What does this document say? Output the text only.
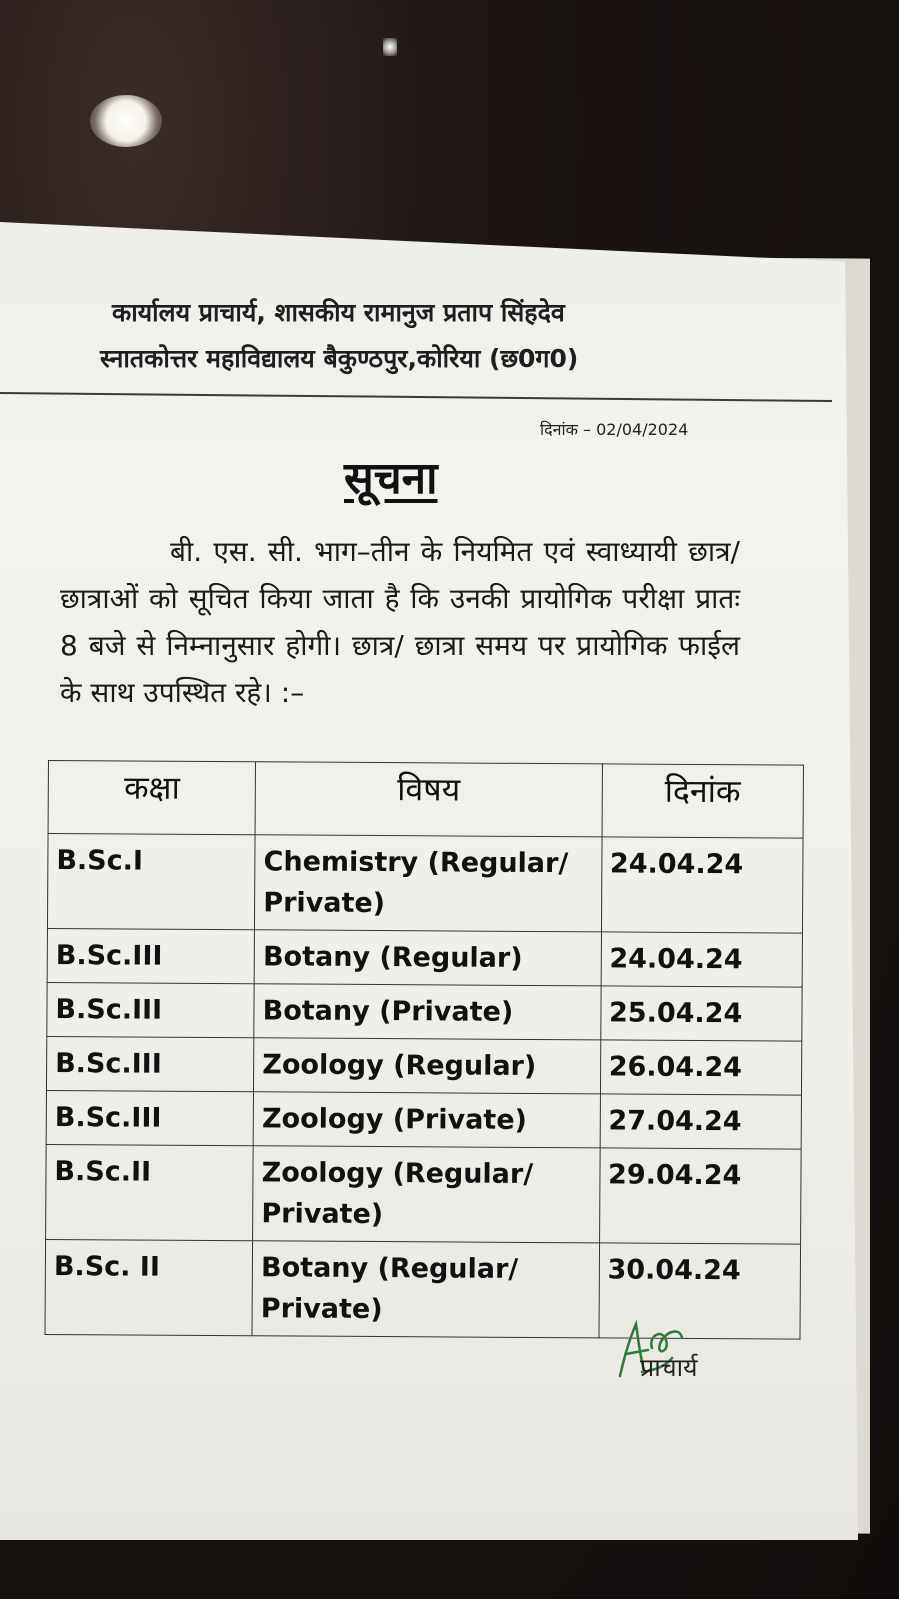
कार्यालय प्राचार्य, शासकीय रामानुज प्रताप सिंहदेव
स्नातकोत्तर महाविद्यालय बैकुण्ठपुर,कोरिया (छ0ग0)
दिनांक – 02/04/2024
सूचना
बी. एस. सी. भाग–तीन के नियमित एवं स्वाध्यायी छात्र/ छात्राओं को सूचित किया जाता है कि उनकी प्रायोगिक परीक्षा प्रातः 8 बजे से निम्नानुसार होगी। छात्र/ छात्रा समय पर प्रायोगिक फाईल के साथ उपस्थित रहे। :–
कक्षा	विषय	दिनांक
B.Sc.I	Chemistry (Regular/ Private)	24.04.24
B.Sc.III	Botany (Regular)	24.04.24
B.Sc.III	Botany (Private)	25.04.24
B.Sc.III	Zoology (Regular)	26.04.24
B.Sc.III	Zoology (Private)	27.04.24
B.Sc.II	Zoology (Regular/ Private)	29.04.24
B.Sc. II	Botany (Regular/ Private)	30.04.24
प्राचार्य
